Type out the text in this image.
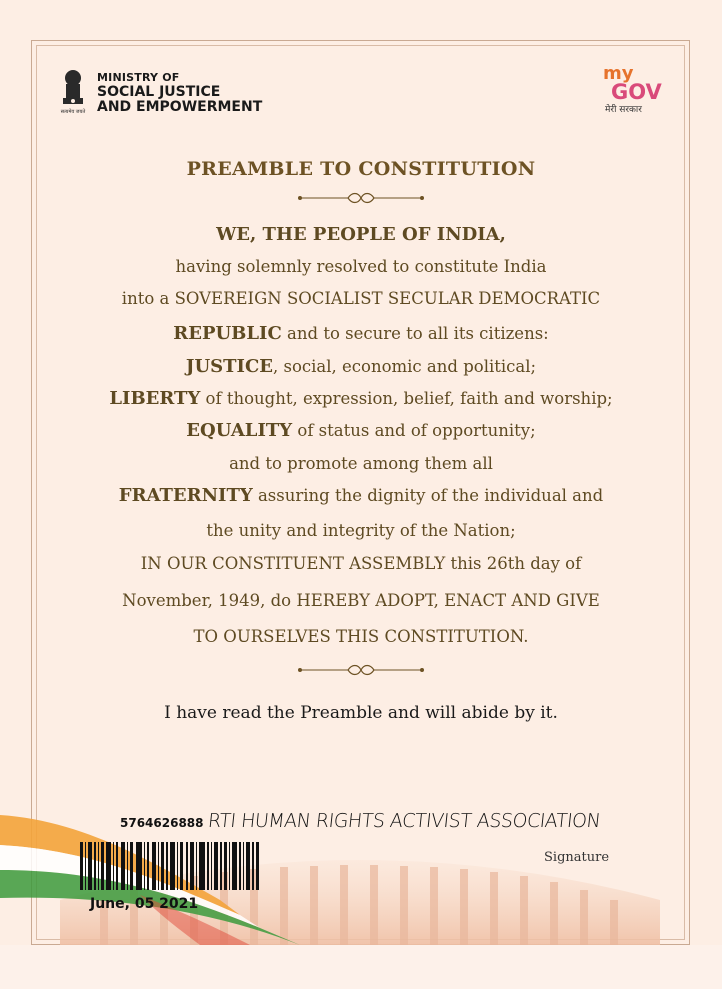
सत्यमेव जयते
MINISTRY OF
SOCIAL JUSTICE
AND EMPOWERMENT
my
GOV
मेरी सरकार
PREAMBLE TO CONSTITUTION
WE, THE PEOPLE OF INDIA,
having solemnly resolved to constitute India
into a SOVEREIGN SOCIALIST SECULAR DEMOCRATIC
REPUBLIC and to secure to all its citizens:
JUSTICE, social, economic and political;
LIBERTY of thought, expression, belief, faith and worship;
EQUALITY of status and of opportunity;
and to promote among them all
FRATERNITY assuring the dignity of the individual and
the unity and integrity of the Nation;
IN OUR CONSTITUENT ASSEMBLY this 26th day of
November, 1949, do HEREBY ADOPT, ENACT AND GIVE
TO OURSELVES THIS CONSTITUTION.
I have read the Preamble and will abide by it.
5764626888 RTI HUMAN RIGHTS ACTIVIST ASSOCIATION
Signature
June, 05 2021
